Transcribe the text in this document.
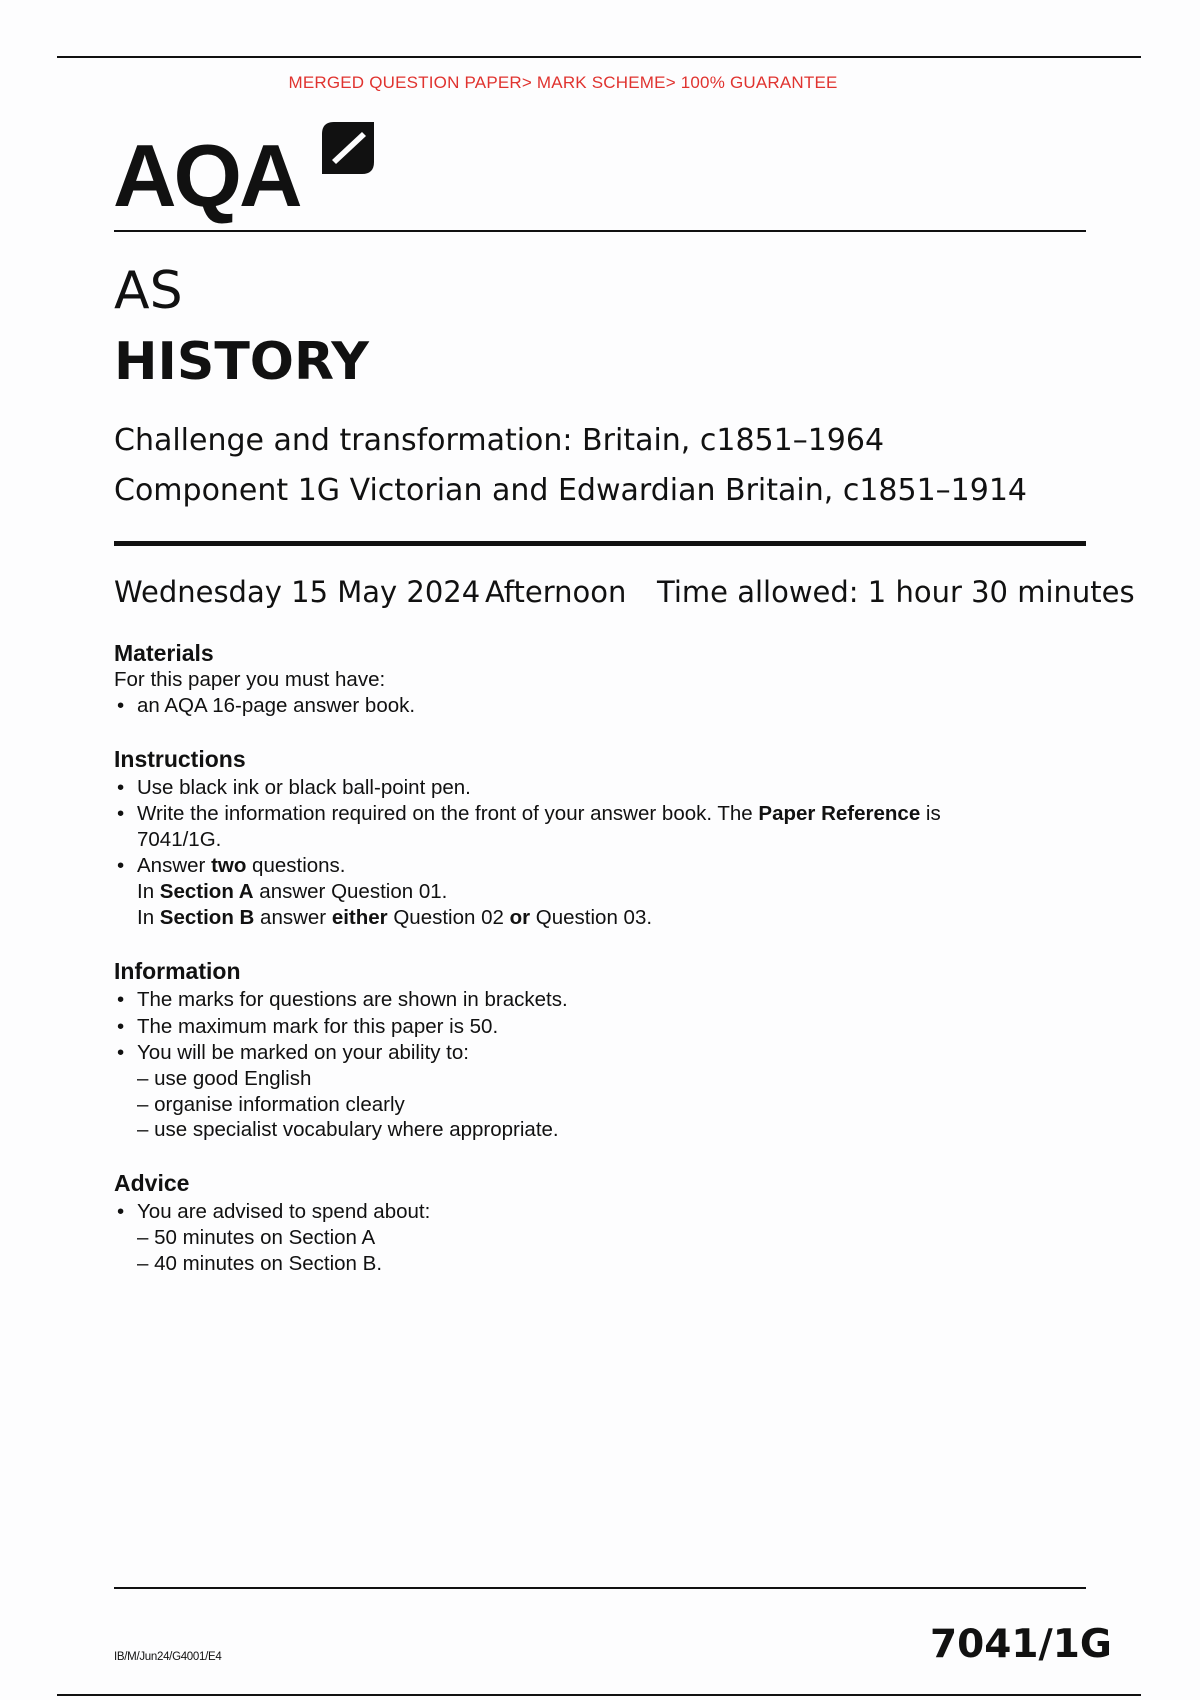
MERGED QUESTION PAPER> MARK SCHEME> 100% GUARANTEE
AQA
AS
HISTORY
Challenge and transformation: Britain, c1851–1964
Component 1G Victorian and Edwardian Britain, c1851–1914
Wednesday 15 May 2024 Afternoon Time allowed: 1 hour 30 minutes
Materials
For this paper you must have:
• an AQA 16-page answer book.
Instructions
• Use black ink or black ball-point pen.
• Write the information required on the front of your answer book. The Paper Reference is
7041/1G.
• Answer two questions.
In Section A answer Question 01.
In Section B answer either Question 02 or Question 03.
Information
• The marks for questions are shown in brackets.
• The maximum mark for this paper is 50.
• You will be marked on your ability to:
– use good English
– organise information clearly
– use specialist vocabulary where appropriate.
Advice
• You are advised to spend about:
– 50 minutes on Section A
– 40 minutes on Section B.
IB/M/Jun24/G4001/E4	7041/1G
